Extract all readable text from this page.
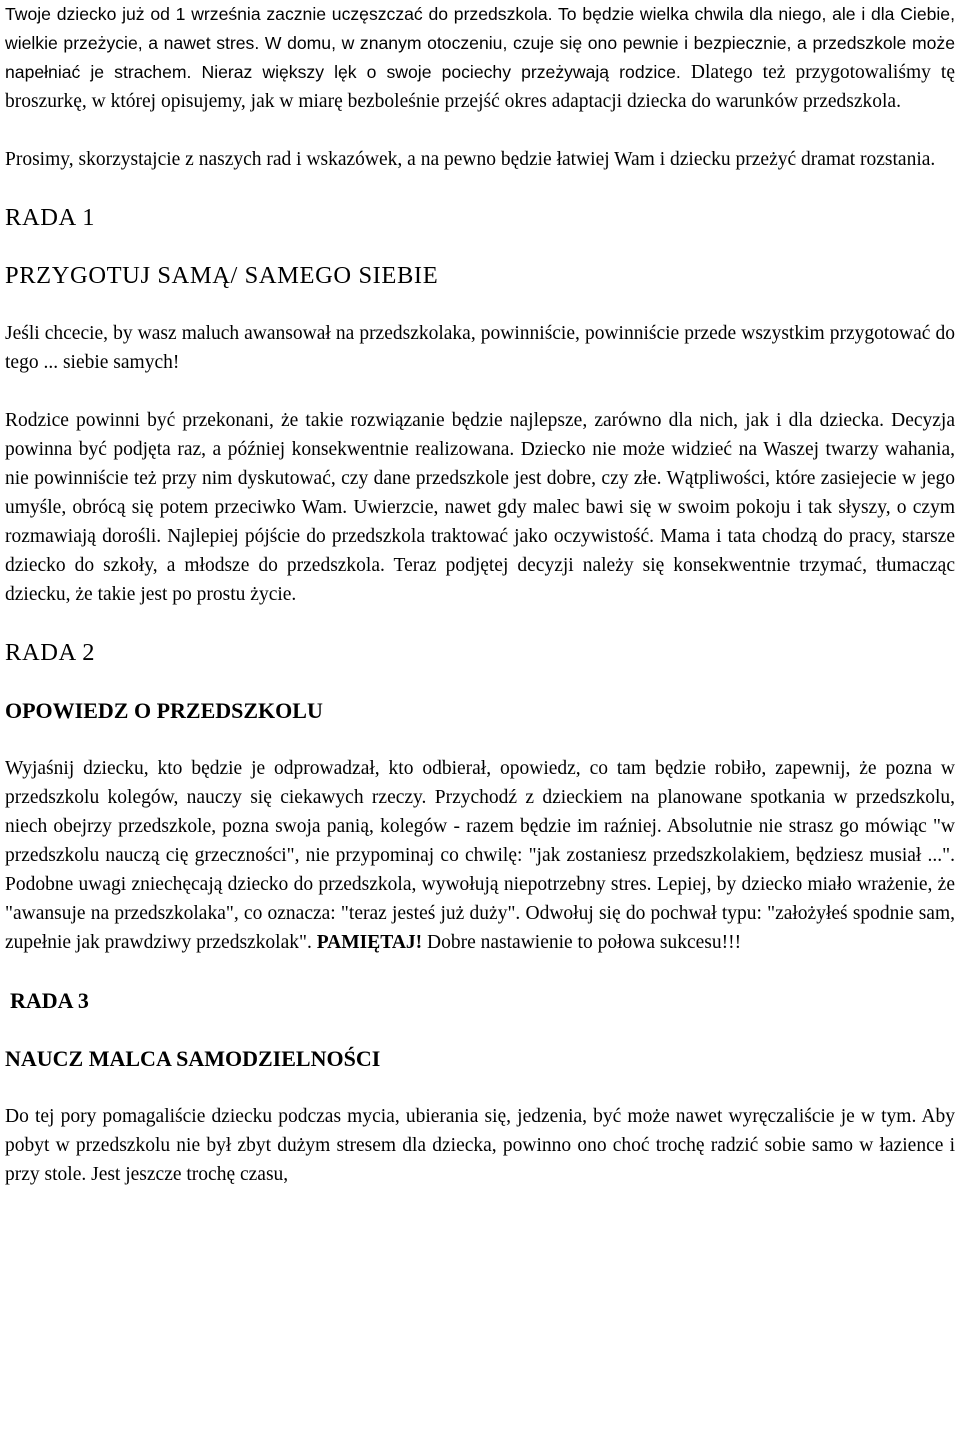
Twoje dziecko już od 1 września zacznie uczęszczać do przedszkola. To będzie wielka chwila dla niego, ale i dla Ciebie, wielkie przeżycie, a nawet stres. W domu, w znanym otoczeniu, czuje się ono pewnie i bezpiecznie, a przedszkole może napełniać je strachem. Nieraz większy lęk o swoje pociechy przeżywają rodzice. Dlatego też przygotowaliśmy tę broszurkę, w której opisujemy, jak w miarę bezboleśnie przejść okres adaptacji dziecka do warunków przedszkola.

Prosimy, skorzystajcie z naszych rad i wskazówek, a na pewno będzie łatwiej Wam i dziecku przeżyć dramat rozstania.

RADA 1
PRZYGOTUJ SAMĄ/ SAMEGO SIEBIE

Jeśli chcecie, by wasz maluch awansował na przedszkolaka, powinniście, powinniście przede wszystkim przygotować do tego ... siebie samych!

Rodzice powinni być przekonani, że takie rozwiązanie będzie najlepsze, zarówno dla nich, jak i dla dziecka. Decyzja powinna być podjęta raz, a później konsekwentnie realizowana. Dziecko nie może widzieć na Waszej twarzy wahania, nie powinniście też przy nim dyskutować, czy dane przedszkole jest dobre, czy złe. Wątpliwości, które zasiejecie w jego umyśle, obrócą się potem przeciwko Wam. Uwierzcie, nawet gdy malec bawi się w swoim pokoju i tak słyszy, o czym rozmawiają dorośli. Najlepiej pójście do przedszkola traktować jako oczywistość. Mama i tata chodzą do pracy, starsze dziecko do szkoły, a młodsze do przedszkola. Teraz podjętej decyzji należy się konsekwentnie trzymać, tłumacząc dziecku, że takie jest po prostu życie.

RADA 2
OPOWIEDZ O PRZEDSZKOLU

Wyjaśnij dziecku, kto będzie je odprowadzał, kto odbierał, opowiedz, co tam będzie robiło, zapewnij, że pozna w przedszkolu kolegów, nauczy się ciekawych rzeczy. Przychodź z dzieckiem na planowane spotkania w przedszkolu, niech obejrzy przedszkole, pozna swoja panią, kolegów - razem będzie im raźniej. Absolutnie nie strasz go mówiąc "w przedszkolu nauczą cię grzeczności", nie przypominaj co chwilę: "jak zostaniesz przedszkolakiem, będziesz musiał ...". Podobne uwagi zniechęcają dziecko do przedszkola, wywołują niepotrzebny stres. Lepiej, by dziecko miało wrażenie, że "awansuje na przedszkolaka", co oznacza: "teraz jesteś już duży". Odwołuj się do pochwał typu: "założyłeś spodnie sam, zupełnie jak prawdziwy przedszkolak". PAMIĘTAJ! Dobre nastawienie to połowa sukcesu!!!

RADA 3
NAUCZ MALCA SAMODZIELNOŚCI

Do tej pory pomagaliście dziecku podczas mycia, ubierania się, jedzenia, być może nawet wyręczaliście je w tym. Aby pobyt w przedszkolu nie był zbyt dużym stresem dla dziecka, powinno ono choć trochę radzić sobie samo w łazience i przy stole. Jest jeszcze trochę czasu,
